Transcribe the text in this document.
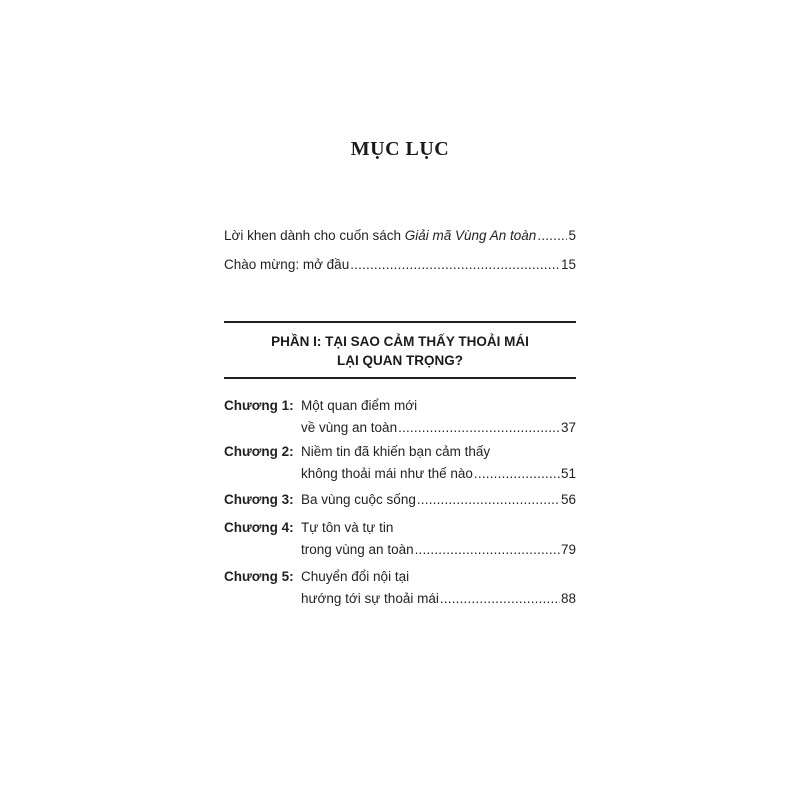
MỤC LỤC
Lời khen dành cho cuốn sách Giải mã Vùng An toàn ..... 5
Chào mừng: mở đầu .....	15
PHẦN I: TẠI SAO CẢM THẤY THOẢI MÁI
LẠI QUAN TRỌNG?
Chương 1: Một quan điểm mới
về vùng an toàn .....	37
Chương 2: Niềm tin đã khiến bạn cảm thấy
không thoải mái như thế nào .....	51
Chương 3: Ba vùng cuộc sống .....	56
Chương 4: Tự tôn và tự tin
trong vùng an toàn .....	79
Chương 5: Chuyển đổi nội tại
hướng tới sự thoải mái .....	88
